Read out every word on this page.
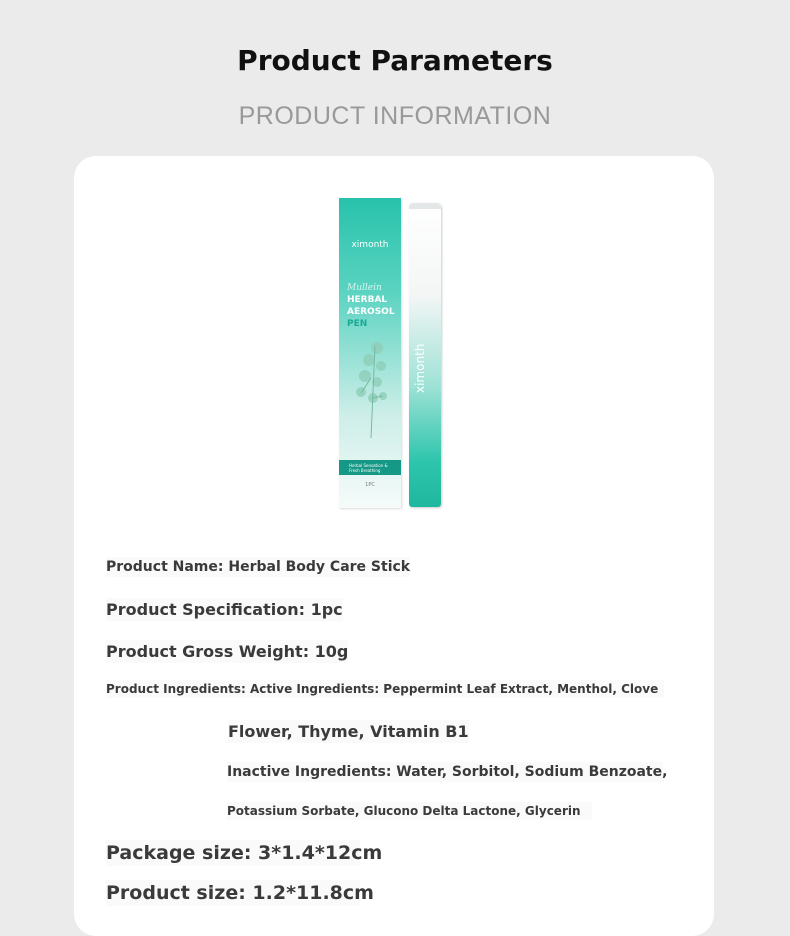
Product Parameters
PRODUCT INFORMATION
ximonth
Mullein
HERBAL
AEROSOL
PEN
Herbal Sensation &
Fresh Breathing
1PC
ximonth
Product Name: Herbal Body Care Stick
Product Specification: 1pc
Product Gross Weight: 10g
Product Ingredients: Active Ingredients: Peppermint Leaf Extract, Menthol, Clove
Flower, Thyme, Vitamin B1
Inactive Ingredients: Water, Sorbitol, Sodium Benzoate,
Potassium Sorbate, Glucono Delta Lactone, Glycerin
Package size: 3*1.4*12cm
Product size: 1.2*11.8cm
